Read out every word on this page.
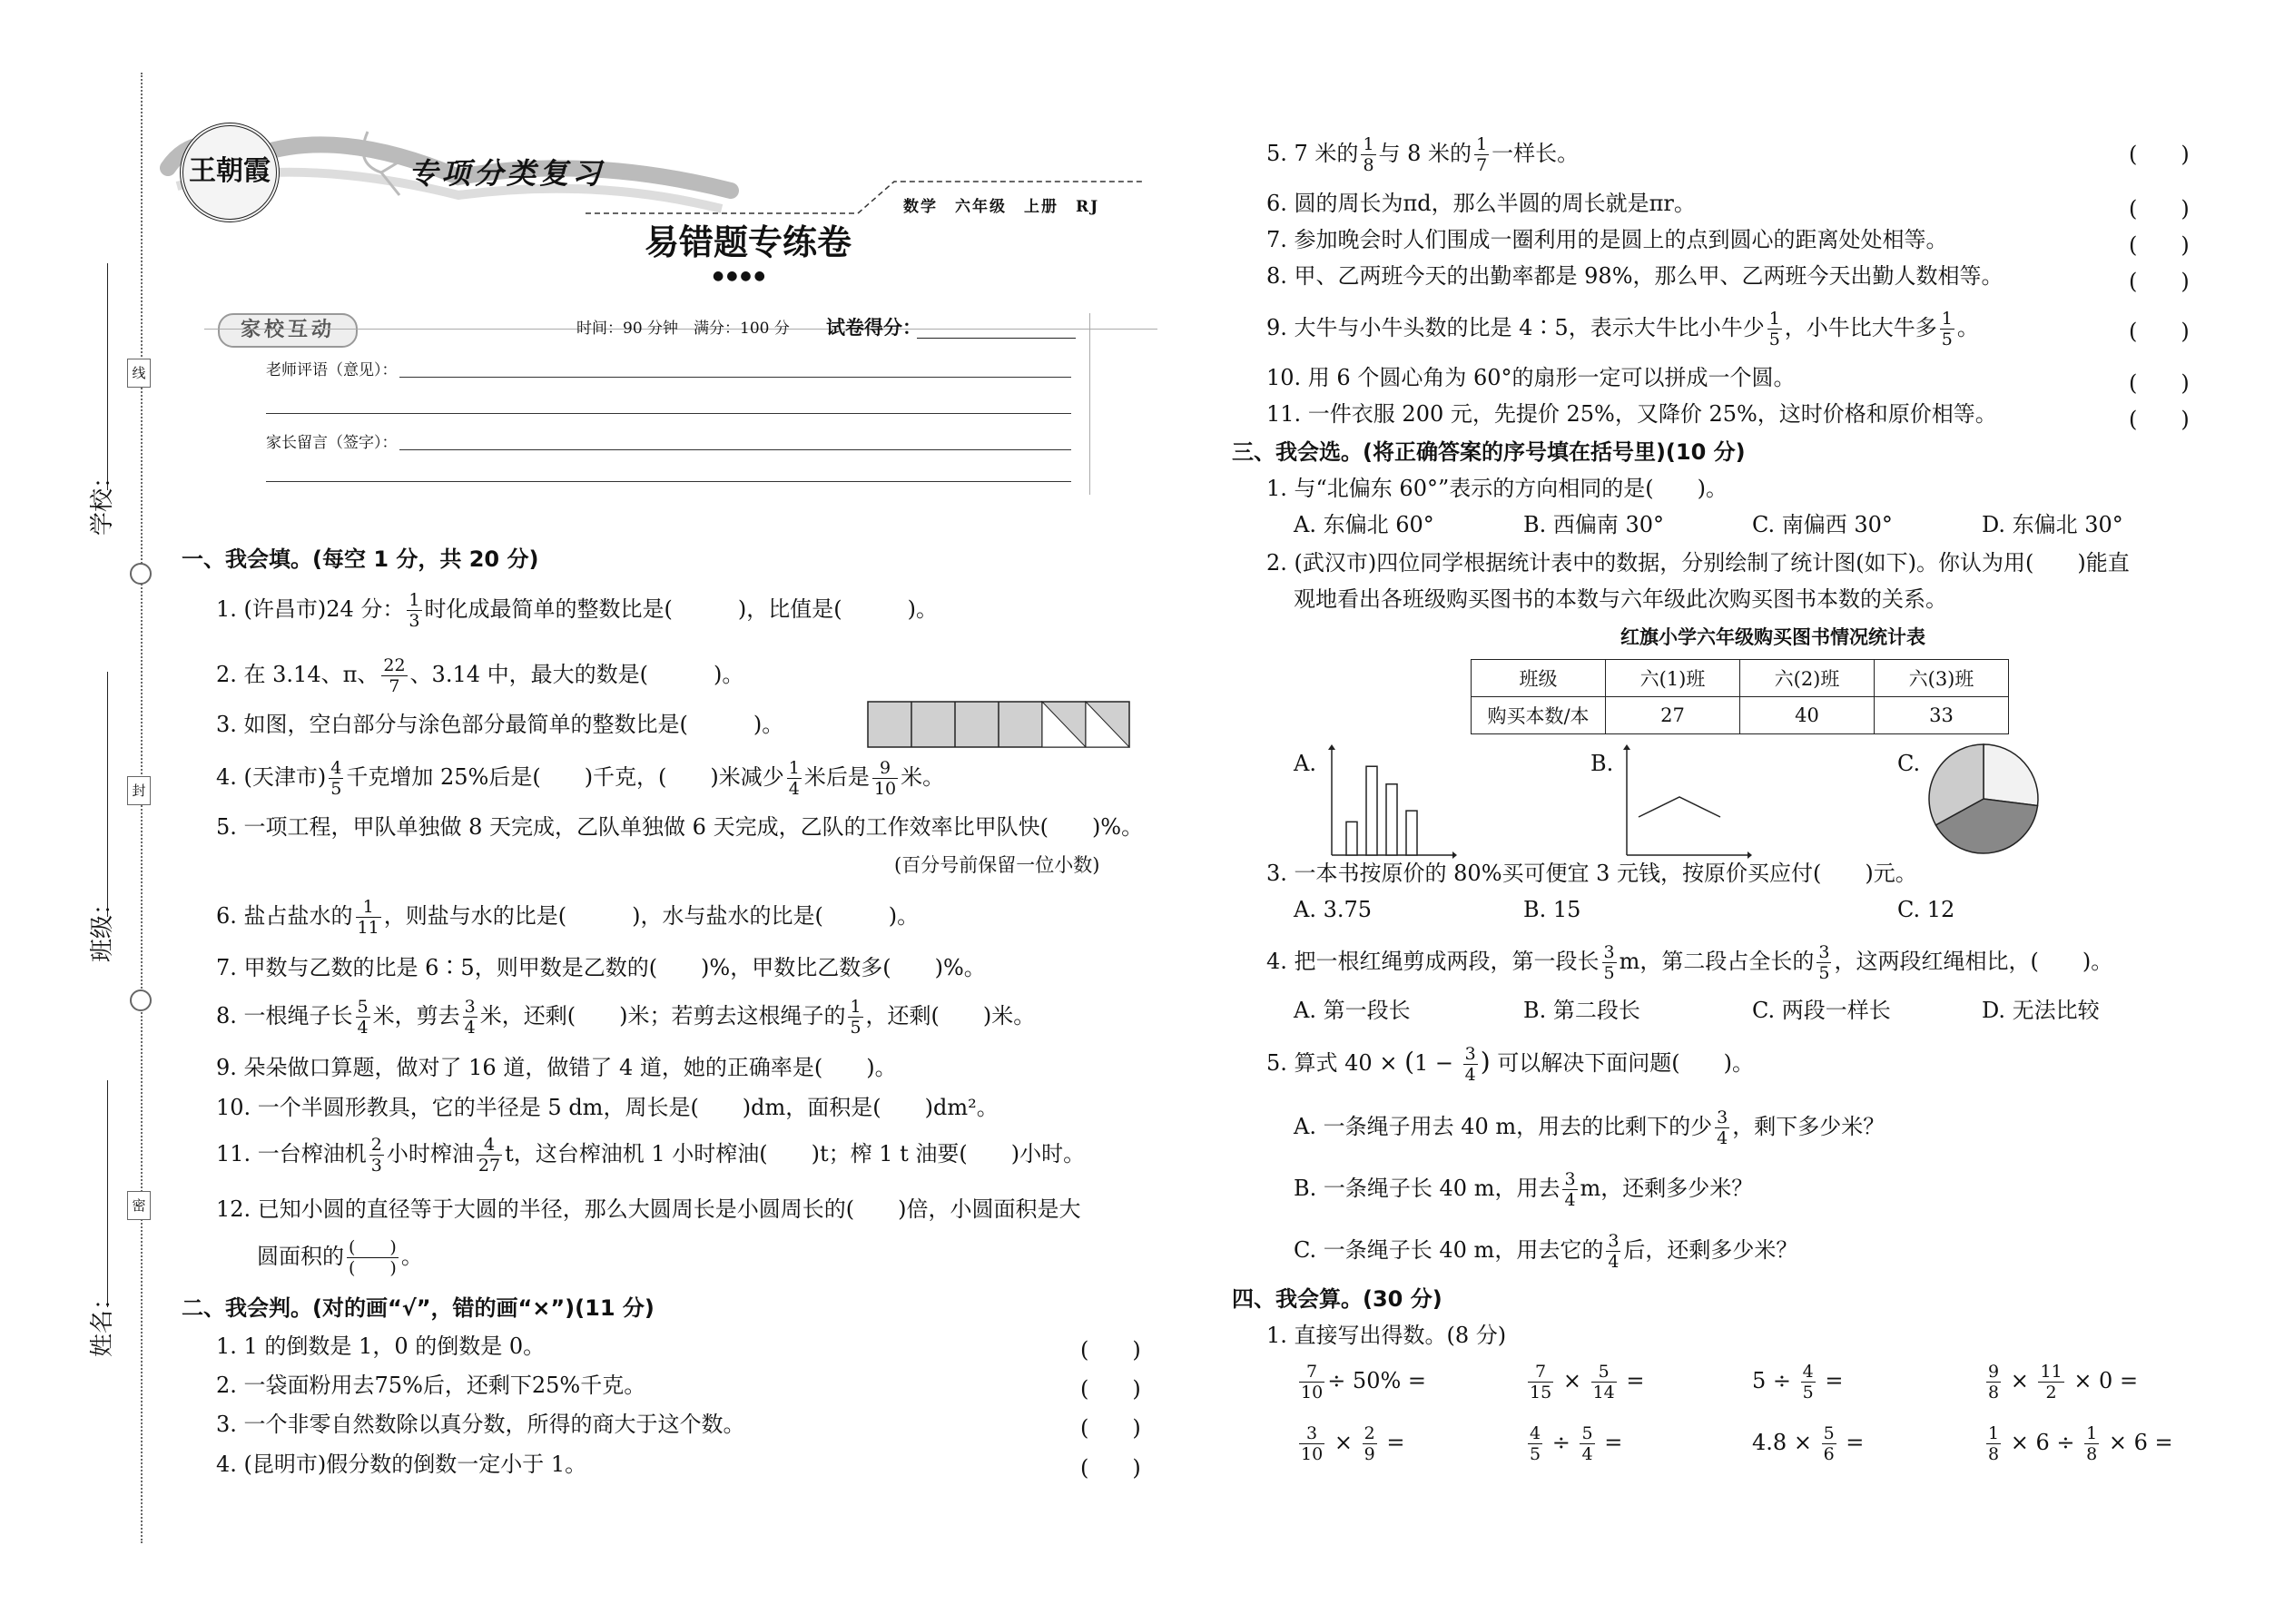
线
封
密
学校：
班级：
姓名：
王朝霞	专项分类复习
数学　六年级　上册　RJ
易错题专练卷
●●●●
家校互动	时间：90 分钟　满分：100 分 试卷得分：
老师评语（意见）：
家长留言（签字）：
一、我会填。(每空 1 分，共 20 分)
1. (许昌市)24 分： $\frac{1}{3}$ 时化成最简单的整数比是(　　　)，比值是(　　　)。
2. 在 3.14、π、 $\frac{22}{7}$ 、3.14̇ 中，最大的数是(　　　)。
3. 如图，空白部分与涂色部分最简单的整数比是(　　　)。
4. (天津市) $\frac{4}{5}$ 千克增加 25%后是(　　)千克，(　　)米减少 $\frac{1}{4}$ 米后是 $\frac{9}{10}$ 米。
5. 一项工程，甲队单独做 8 天完成，乙队单独做 6 天完成，乙队的工作效率比甲队快(　　)%。
(百分号前保留一位小数)
6. 盐占盐水的 $\frac{1}{11}$ ，则盐与水的比是(　　　)，水与盐水的比是(　　　)。
7. 甲数与乙数的比是 6∶5，则甲数是乙数的(　　)%，甲数比乙数多(　　)%。
8. 一根绳子长 $\frac{5}{4}$ 米，剪去 $\frac{3}{4}$ 米，还剩(　　)米；若剪去这根绳子的 $\frac{1}{5}$ ，还剩(　　)米。
9. 朵朵做口算题，做对了 16 道，做错了 4 道，她的正确率是(　　)。
10. 一个半圆形教具，它的半径是 5 dm，周长是(　　)dm，面积是(　　)dm²。
11. 一台榨油机 $\frac{2}{3}$ 小时榨油 $\frac{4}{27}$ t，这台榨油机 1 小时榨油(　　)t；榨 1 t 油要(　　)小时。
12. 已知小圆的直径等于大圆的半径，那么大圆周长是小圆周长的(　　)倍，小圆面积是大
圆面积的 (　　)
(　　) 。
二、我会判。(对的画“√”，错的画“×”)(11 分)
1. 1 的倒数是 1，0 的倒数是 0。	(　　)
2. 一袋面粉用去75%后，还剩下25%千克。	(　　)
3. 一个非零自然数除以真分数，所得的商大于这个数。	(　　)
4. (昆明市)假分数的倒数一定小于 1。	(　　)
5. 7 米的 $\frac{1}{8}$ 与 8 米的 $\frac{1}{7}$ 一样长。	(　　)
6. 圆的周长为πd，那么半圆的周长就是πr。	(　　)
7. 参加晚会时人们围成一圈利用的是圆上的点到圆心的距离处处相等。	(　　)
8. 甲、乙两班今天的出勤率都是 98%，那么甲、乙两班今天出勤人数相等。	(　　)
9. 大牛与小牛头数的比是 4∶5，表示大牛比小牛少 $\frac{1}{5}$ ，小牛比大牛多 $\frac{1}{5}$ 。	(　　)
10. 用 6 个圆心角为 60°的扇形一定可以拼成一个圆。	(　　)
11. 一件衣服 200 元，先提价 25%，又降价 25%，这时价格和原价相等。	(　　)
三、我会选。(将正确答案的序号填在括号里)(10 分)
1. 与“北偏东 60°”表示的方向相同的是(　　)。
A. 东偏北 60°	B. 西偏南 30°	C. 南偏西 30°	D. 东偏北 30°
2. (武汉市)四位同学根据统计表中的数据，分别绘制了统计图(如下)。你认为用(　　)能直
观地看出各班级购买图书的本数与六年级此次购买图书本数的关系。
红旗小学六年级购买图书情况统计表
班级	六(1)班	六(2)班	六(3)班
购买本数/本	27	40	33
A.	B.	C.
3. 一本书按原价的 80%买可便宜 3 元钱，按原价买应付(　　)元。
A. 3.75	B. 15	C. 12
4. 把一根红绳剪成两段，第一段长 $\frac{3}{5}$ m，第二段占全长的 $\frac{3}{5}$ ，这两段红绳相比，(　　)。
A. 第一段长	B. 第二段长	C. 两段一样长	D. 无法比较
5. 算式 $40 \times (1 - \frac{3}{4}$ ) 可以解决下面问题(　　)。
A. 一条绳子用去 40 m，用去的比剩下的少 $\frac{3}{4}$ ，剩下多少米？
B. 一条绳子长 40 m，用去 $\frac{3}{4}$ m，还剩多少米？
C. 一条绳子长 40 m，用去它的 $\frac{3}{4}$ 后，还剩多少米？
四、我会算。(30 分)
1. 直接写出得数。(8 分)
$\frac{7}{10} \div 50\%$ =	$\frac{7}{15} \times \frac{5}{14}$ =	$5 \div \frac{4}{5}$ =	$\frac{9}{8} \times \frac{11}{2} \times 0$ =
$\frac{3}{10} \times \frac{2}{9}$ =	$\frac{4}{5} \div \frac{5}{4}$ =	$4.8 \times \frac{5}{6}$ =	$\frac{1}{8} \times 6 \div \frac{1}{8} \times 6$ =
